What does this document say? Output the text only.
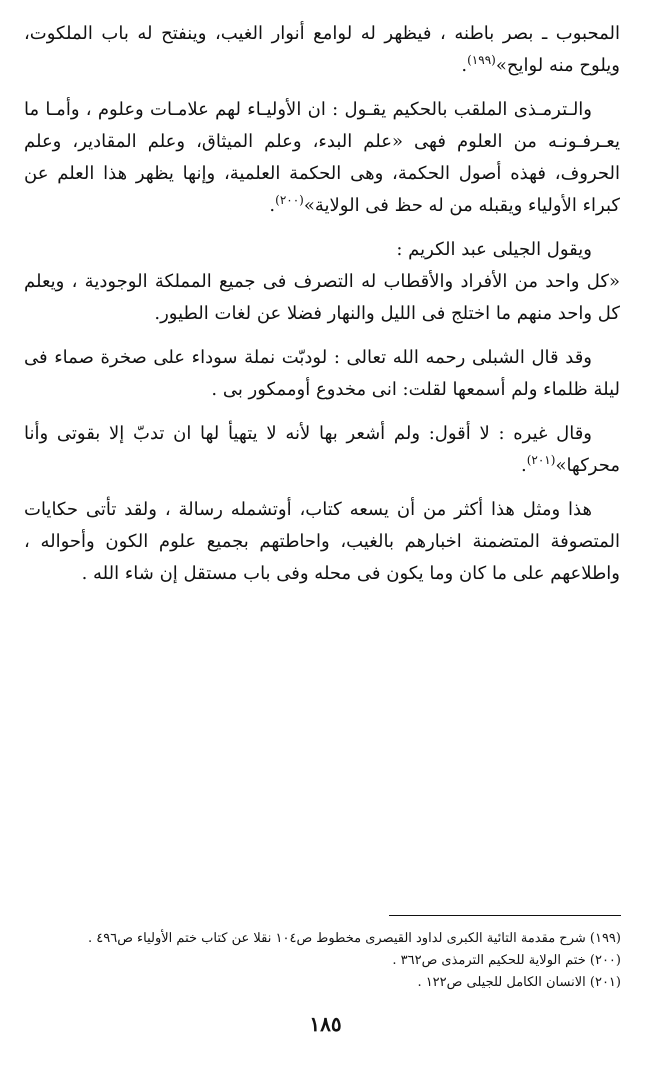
المحبوب ـ بصر باطنه ، فيظهر له لوامع أنوار الغيب، وينفتح له باب الملكوت، ويلوح منه لوايح»$^{(١٩٩)}$.

والـترمـذى الملقب بالحكيم يقـول : ان الأوليـاء لهم علامـات وعلوم ، وأمـا ما يعـرفـونـه من العلوم فهى «علم البدء، وعلم الميثاق، وعلم المقادير، وعلم الحروف، فهذه أصول الحكمة، وهى الحكمة العلمية، وإنها يظهر هذا العلم عن كبراء الأولياء ويقبله من له حظ فى الولاية»$^{(٢٠٠)}$.

ويقول الجيلى عبد الكريم :

«كل واحد من الأفراد والأقطاب له التصرف فى جميع المملكة الوجودية ، ويعلم كل واحد منهم ما اختلج فى الليل والنهار فضلا عن لغات الطيور.

وقد قال الشبلى رحمه الله تعالى : لودبّت نملة سوداء على صخرة صماء فى ليلة ظلماء ولم أسمعها لقلت: انى مخدوع أوممكور بى .

وقال غيره : لا أقول: ولم أشعر بها لأنه لا يتهيأ لها ان تدبّ إلا بقوتى وأنا محركها»$^{(٢٠١)}$.

هذا ومثل هذا أكثر من أن يسعه كتاب، أوتشمله رسالة ، ولقد تأتى حكايات المتصوفة المتضمنة اخبارهم بالغيب، واحاطتهم بجميع علوم الكون وأحواله ، واطلاعهم على ما كان وما يكون فى محله وفى باب مستقل إن شاء الله .

(١٩٩) شرح مقدمة التائية الكبرى لداود القيصرى مخطوط ص١٠٤ نقلا عن كتاب ختم الأولياء ص٤٩٦ .

(٢٠٠) ختم الولاية للحكيم الترمذى ص٣٦٢ .

(٢٠١) الانسان الكامل للجيلى ص١٢٢ .

١٨٥
